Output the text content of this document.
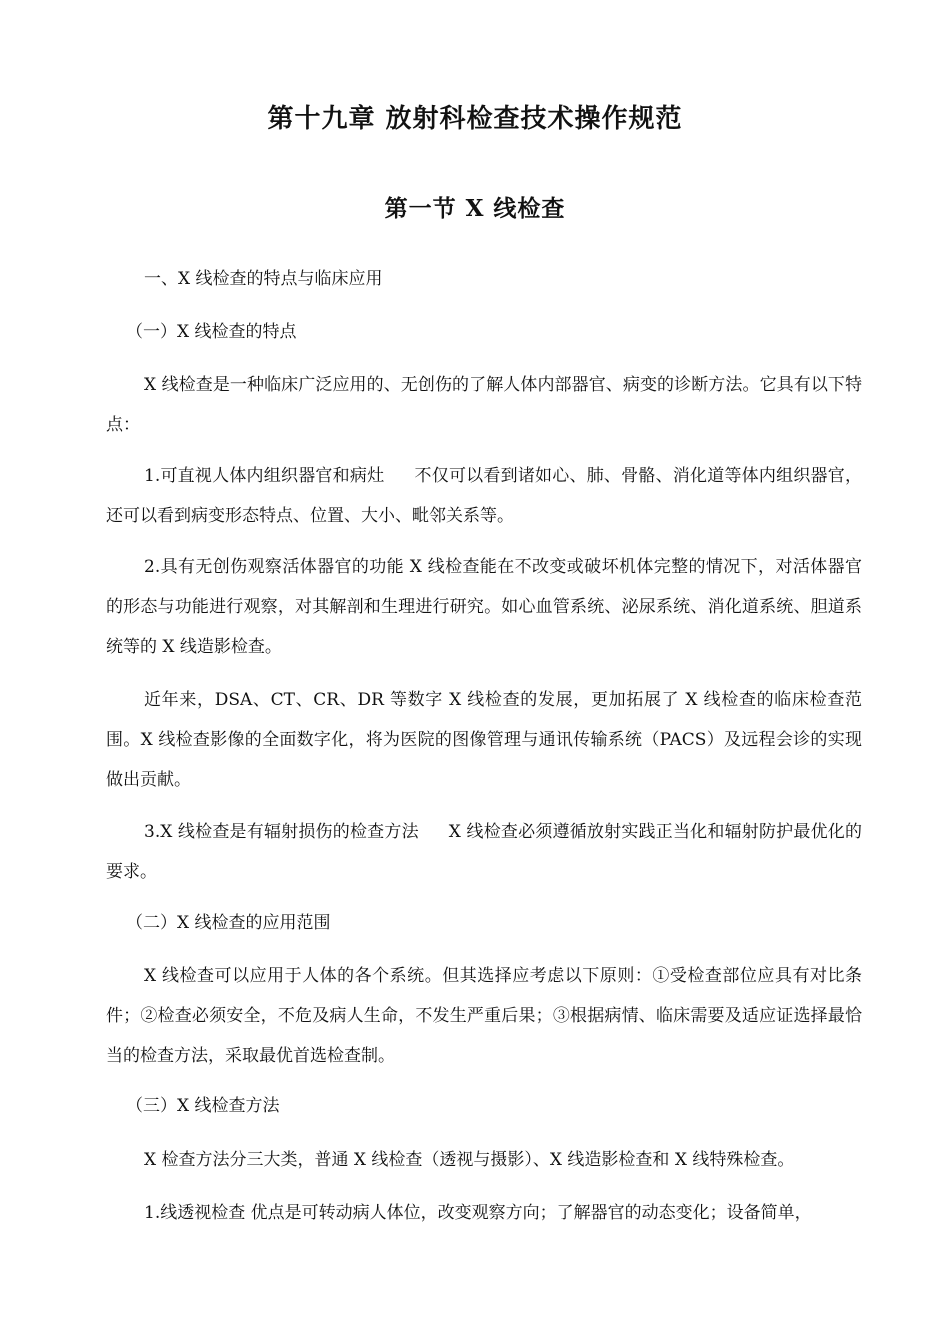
第十九章 放射科检查技术操作规范
第一节 X 线检查

一、X 线检查的特点与临床应用

（一）X 线检查的特点

X 线检查是一种临床广泛应用的、无创伤的了解人体内部器官、病变的诊断方法。它具有以下特点：

1.可直视人体内组织器官和病灶 不仅可以看到诸如心、肺、骨骼、消化道等体内组织器官，还可以看到病变形态特点、位置、大小、毗邻关系等。

2.具有无创伤观察活体器官的功能 X 线检查能在不改变或破坏机体完整的情况下，对活体器官的形态与功能进行观察，对其解剖和生理进行研究。如心血管系统、泌尿系统、消化道系统、胆道系统等的 X 线造影检查。

近年来，DSA、CT、CR、DR 等数字 X 线检查的发展，更加拓展了 X 线检查的临床检查范围。X 线检查影像的全面数字化，将为医院的图像管理与通讯传输系统（PACS）及远程会诊的实现做出贡献。

3.X 线检查是有辐射损伤的检查方法 X 线检查必须遵循放射实践正当化和辐射防护最优化的要求。

（二）X 线检查的应用范围

X 线检查可以应用于人体的各个系统。但其选择应考虑以下原则：①受检查部位应具有对比条件；②检查必须安全，不危及病人生命，不发生严重后果；③根据病情、临床需要及适应证选择最恰当的检查方法，采取最优首选检查制。

（三）X 线检查方法

X 检查方法分三大类，普通 X 线检查（透视与摄影）、X 线造影检查和 X 线特殊检查。

1.线透视检查 优点是可转动病人体位，改变观察方向；了解器官的动态变化；设备简单，
